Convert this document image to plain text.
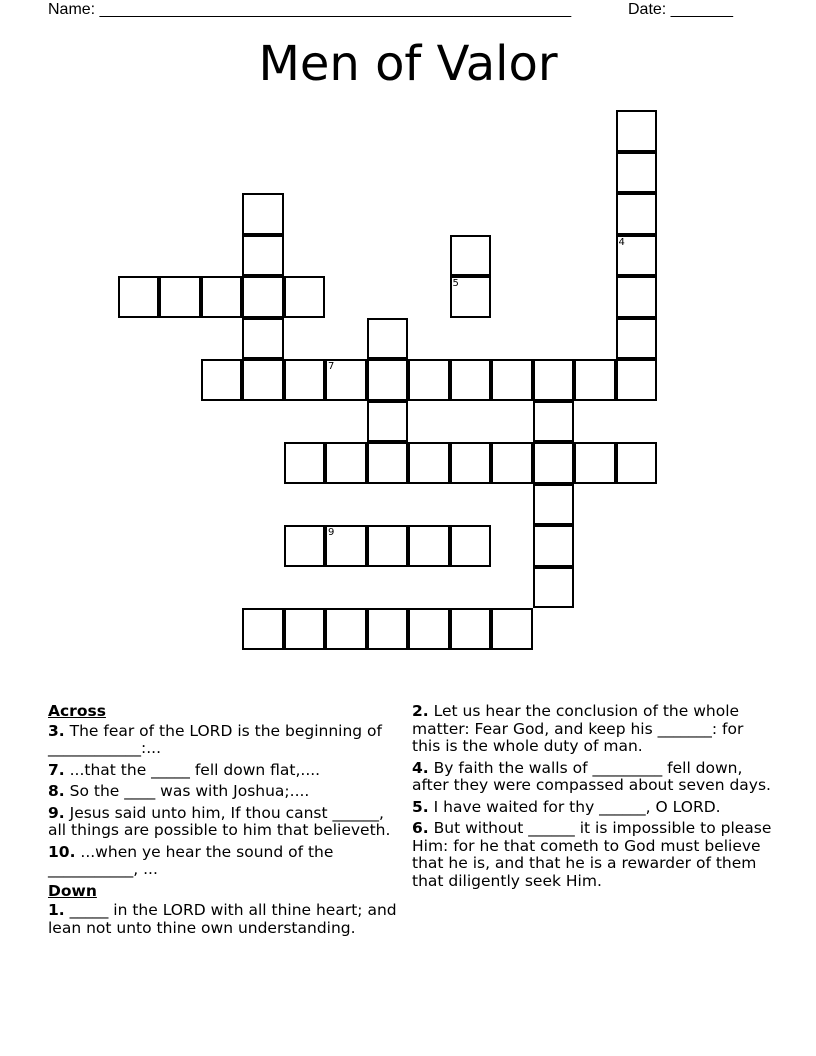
Name: _____________________________________________________	Date: _______
Men of Valor
7
9
5
4
Across
3. The fear of the LORD is the beginning of ____________:...
7. ...that the _____ fell down flat,....
8. So the ____ was with Joshua;....
9. Jesus said unto him, If thou canst ______, all things are possible to him that believeth.
10. ...when ye hear the sound of the ___________, ...
Down
1. _____ in the LORD with all thine heart; and lean not unto thine own understanding.
2. Let us hear the conclusion of the whole matter: Fear God, and keep his _______: for this is the whole duty of man.
4. By faith the walls of _________ fell down, after they were compassed about seven days.
5. I have waited for thy ______, O LORD.
6. But without ______ it is impossible to please Him: for he that cometh to God must believe that he is, and that he is a rewarder of them that diligently seek Him.
